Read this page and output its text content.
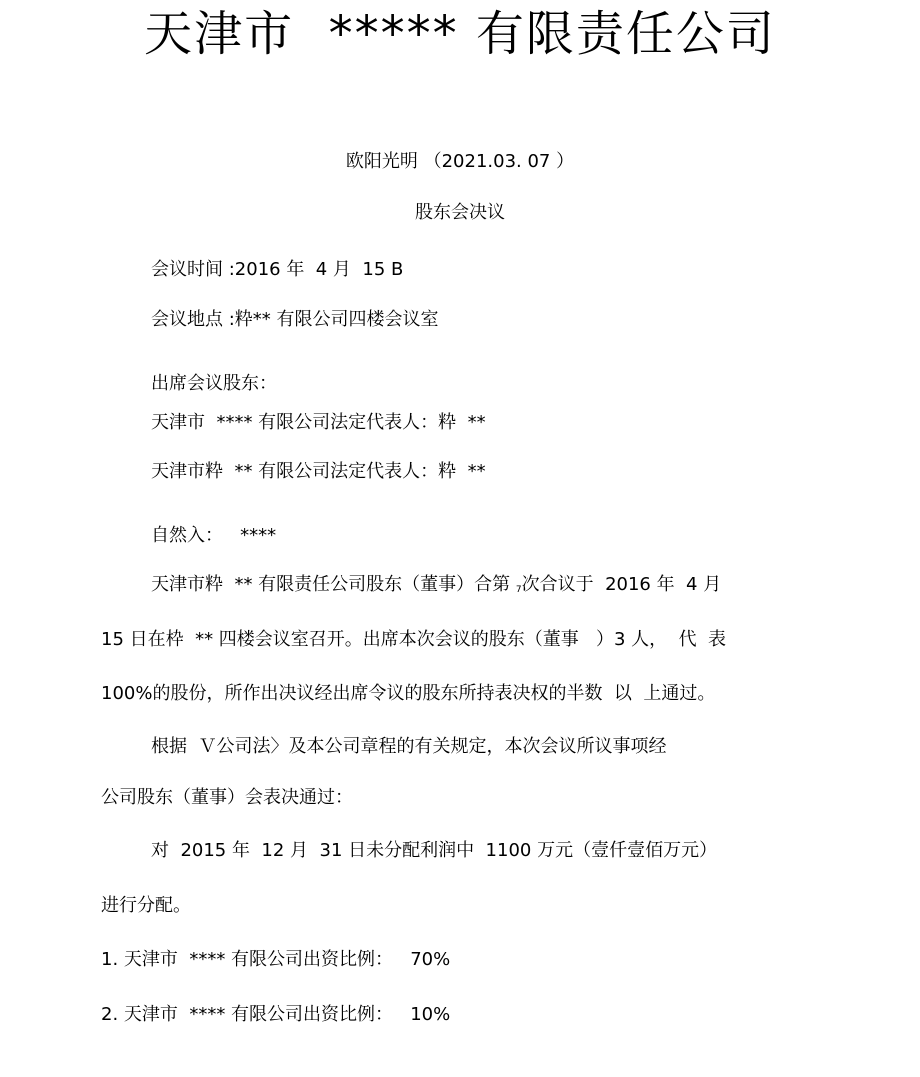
天津市  ***** 有限责任公司
欧阳光明 （2021.03. 07 ）
股东会决议
会议时间 :2016 年  4 月  15 B
会议地点 :粋** 有限公司四楼会议室
出席会议股东：
天津市  **** 有限公司法定代表人：粋  **
天津市粋  ** 有限公司法定代表人：粋  **
自然入：   ****
天津市粋  ** 有限责任公司股东（董事）合第 $_7$次合议于  2016 年  4 月
15 日在枠  ** 四楼会议室召开。出席本次会议的股东（董事   ）3 人，  代  表
100%的股份，所作出决议经出席令议的股东所持表决权的半数  以  上通过。
根据  Ｖ公司法〉及本公司章程的有关规定，本次会议所议事项经
公司股东（董事）会表决通过：
对  2015 年  12 月  31 日未分配利润中  1100 万元（壹仟壹佰万元）
进行分配。
1. 天津市  **** 有限公司出资比例：   70%
2. 天津市  **** 有限公司出资比例：   10%
